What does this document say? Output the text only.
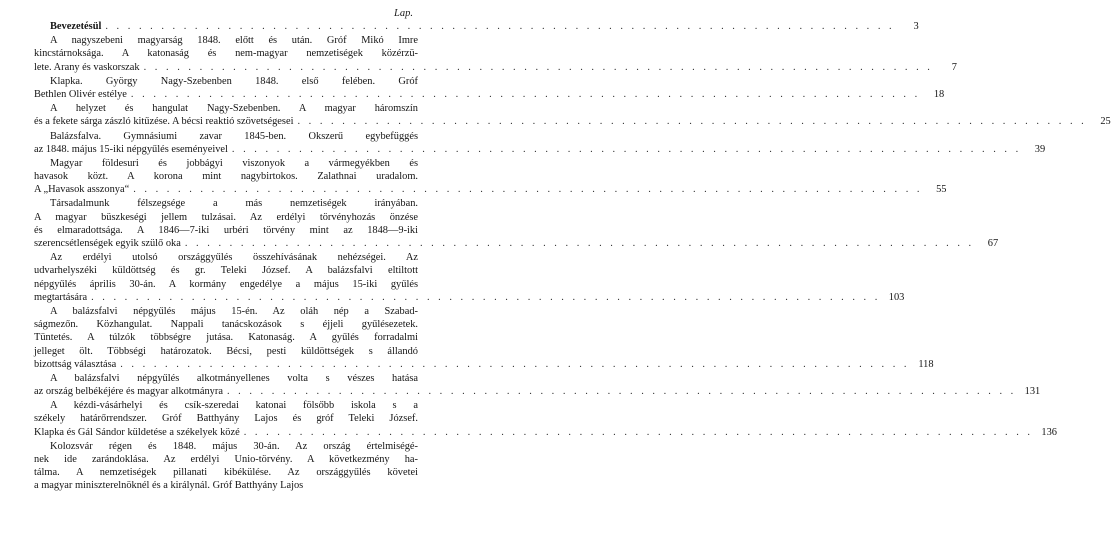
Lap.
Bevezetésül . . . . . . . . . . . . . . . . . . . . . . . . . . . . . . . . . . . . . . . . . . . . . . . . . . . . . . . . . . . . . . . . . . . . . . .	3
A nagyszebeni magyarság 1848. előtt és után. Gróf Mikó Imre
kincstárnoksága. A katonaság és nem-magyar nemzetiségek közérzü-
lete. Arany és vaskorszak . . . . . . . . . . . . . . . . . . . . . . . . . . . . . . . . . . . . . . . . . . . . . . . . . . . . . . . . . . . . . . . . . . . . . . .	7
Klapka. György Nagy-Szebenben 1848. első felében. Gróf
Bethlen Olivér estélye . . . . . . . . . . . . . . . . . . . . . . . . . . . . . . . . . . . . . . . . . . . . . . . . . . . . . . . . . . . . . . . . . . . . . . .	18
A helyzet és hangulat Nagy-Szebenben. A magyar háromszín
és a fekete sárga zászló kitűzése. A bécsi reaktió szövetségesei . . . . . . . . . . . . . . . . . . . . . . . . . . . . . . . . . . . . . . . . . . . . . . . . . . . . . . . . . . . . . . . . . . . . . . .	25
Balázsfalva. Gymnásiumi zavar 1845-ben. Okszerű egybefüggés
az 1848. május 15-iki népgyűlés eseményeivel . . . . . . . . . . . . . . . . . . . . . . . . . . . . . . . . . . . . . . . . . . . . . . . . . . . . . . . . . . . . . . . . . . . . . . .	39
Magyar földesuri és jobbágyi viszonyok a vármegyékben és
havasok közt. A korona mint nagybirtokos. Zalathnai uradalom.
A „Havasok asszonya“ . . . . . . . . . . . . . . . . . . . . . . . . . . . . . . . . . . . . . . . . . . . . . . . . . . . . . . . . . . . . . . . . . . . . . . .	55
Társadalmunk félszegsége a más nemzetiségek irányában.
A magyar büszkeségi jellem tulzásai. Az erdélyi törvényhozás önzése
és elmaradottsága. A 1846—7-iki urbéri törvény mint az 1848—9-iki
szerencsétlenségek egyik szülő oka . . . . . . . . . . . . . . . . . . . . . . . . . . . . . . . . . . . . . . . . . . . . . . . . . . . . . . . . . . . . . . . . . . . . . . .	67
Az erdélyi utolsó országgyűlés összehívásának nehézségei. Az
udvarhelyszéki küldöttség és gr. Teleki József. A balázsfalvi eltiltott
népgyűlés április 30-án. A kormány engedélye a május 15-iki gyűlés
megtartására . . . . . . . . . . . . . . . . . . . . . . . . . . . . . . . . . . . . . . . . . . . . . . . . . . . . . . . . . . . . . . . . . . . . . . . 103
A balázsfalvi népgyűlés május 15-én. Az oláh nép a Szabad-
ságmezőn. Közhangulat. Nappali tanácskozások s éjjeli gyűlésezetek.
Tüntetés. A túlzók többségre jutása. Katonaság. A gyűlés forradalmi
jelleget ölt. Többségi határozatok. Bécsi, pesti küldöttségek s állandó
bizottság választása . . . . . . . . . . . . . . . . . . . . . . . . . . . . . . . . . . . . . . . . . . . . . . . . . . . . . . . . . . . . . . . . . . . . . . . 118
A balázsfalvi népgyűlés alkotmányellenes volta s vészes hatása
az ország belbékéjére és magyar alkotmányra . . . . . . . . . . . . . . . . . . . . . . . . . . . . . . . . . . . . . . . . . . . . . . . . . . . . . . . . . . . . . . . . . . . . . . . 131
A kézdi-vásárhelyi és csík-szeredai katonai fölsőbb iskola s a
székely határőrrendszer. Gróf Batthyány Lajos és gróf Teleki József.
Klapka és Gál Sándor küldetése a székelyek közé . . . . . . . . . . . . . . . . . . . . . . . . . . . . . . . . . . . . . . . . . . . . . . . . . . . . . . . . . . . . . . . . . . . . . . . 136
Kolozsvár régen és 1848. május 30-án. Az ország értelmiségé-
nek ide zarándoklása. Az erdélyi Unio-törvény. A következmény ha-
tálma. A nemzetiségek pillanati kibékülése. Az országgyűlés követei
a magyar miniszterelnöknél és a királynál. Gróf Batthyány Lajos
